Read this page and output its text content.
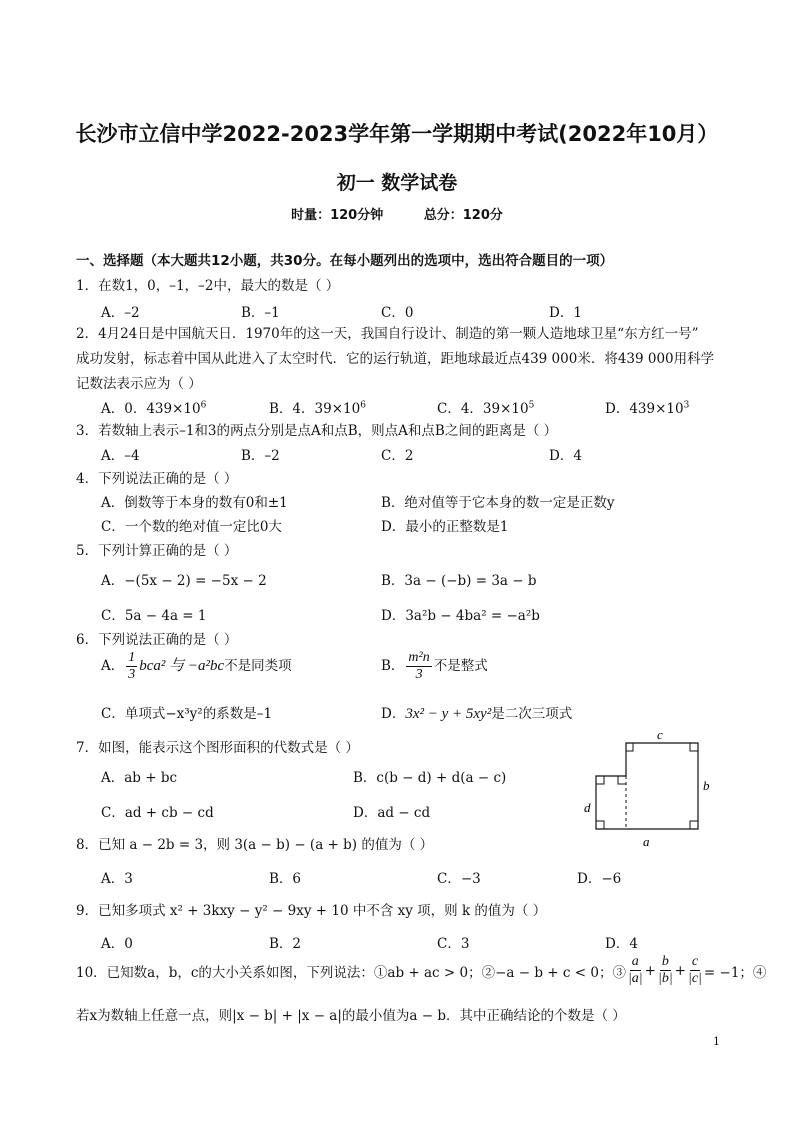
长沙市立信中学2022-2023学年第一学期期中考试(2022年10月）
初一 数学试卷
时量：120分钟	总分：120分
一、选择题（本大题共12小题，共30分。在每小题列出的选项中，选出符合题目的一项）
1．在数1，0，–1，–2中，最大的数是（ ）
A．–2	B．–1	C．0	D．1
2．4月24日是中国航天日．1970年的这一天，我国自行设计、制造的第一颗人造地球卫星“东方红一号”
成功发射，标志着中国从此进入了太空时代．它的运行轨道，距地球最近点439 000米．将439 000用科学
记数法表示应为（ ）
A．0．$439\times 10^6$	B．4．$39\times 10^6$	C．4．$39\times 10^5$	D．$439\times 10^3$
3．若数轴上表示–1和3的两点分别是点A和点B，则点A和点B之间的距离是（ ）
A．–4	B．–2	C．2	D．4
4．下列说法正确的是（ ）
A．倒数等于本身的数有0和±1	B．绝对值等于它本身的数一定是正数y
C．一个数的绝对值一定比0大	D．最小的正整数是1
5．下列计算正确的是（ ）
A．−(5x − 2) = −5x − 2	B．3a − (−b) = 3a − b
C．5a − 4a = 1	D．3a²b − 4ba² = −a²b
6．下列说法正确的是（ ）
A． $\frac{1}{3} bca^2$ 与 −a²bc不是同类项	B． $\frac{\text{m²n}}{3}$ 不是整式
C．单项式−x³y²的系数是–1	D．3x² − y + 5xy²是二次三项式
7．如图，能表示这个图形面积的代数式是（ ）
A．ab + bc	B．c(b − d) + d(a − c)
C．ad + cb − cd	D．ad − cd
c
b
d
a
8．已知 a − 2b = 3，则 3(a − b) − (a + b) 的值为（ ）
A．3	B．6	C．−3	D．−6
9．已知多项式 x² + 3kxy − y² − 9xy + 10 中不含 xy 项，则 k 的值为（ ）
A．0	B．2	C．3	D．4
10．已知数a，b，c的大小关系如图，下列说法：①ab + ac > 0；②−a − b + c < 0；③ $\frac{a}{|a|} + \frac{b}{|b|} + \frac{c}{|c|} = -1$；④
若x为数轴上任意一点，则|x − b| + |x − a|的最小值为a − b．其中正确结论的个数是（ ）
1
